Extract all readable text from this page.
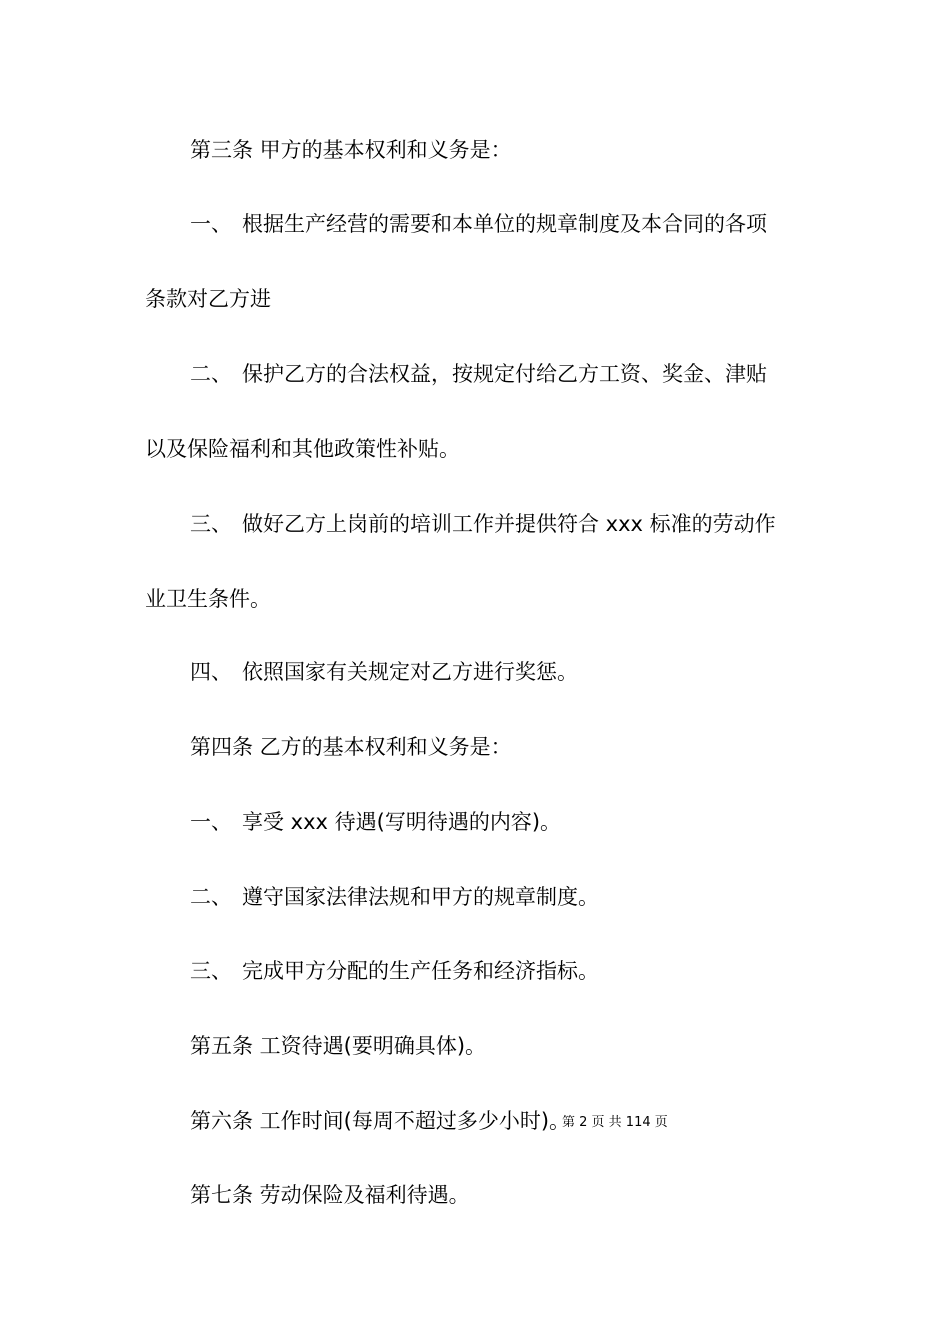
第三条 甲方的基本权利和义务是：
一、 根据生产经营的需要和本单位的规章制度及本合同的各项
条款对乙方进
二、 保护乙方的合法权益，按规定付给乙方工资、奖金、津贴
以及保险福利和其他政策性补贴。
三、 做好乙方上岗前的培训工作并提供符合 xxx 标准的劳动作
业卫生条件。
四、 依照国家有关规定对乙方进行奖惩。
第四条 乙方的基本权利和义务是：
一、 享受 xxx 待遇(写明待遇的内容)。
二、 遵守国家法律法规和甲方的规章制度。
三、 完成甲方分配的生产任务和经济指标。
第五条 工资待遇(要明确具体)。
第六条 工作时间(每周不超过多少小时)。
第七条 劳动保险及福利待遇。
第 2 页 共 114 页
